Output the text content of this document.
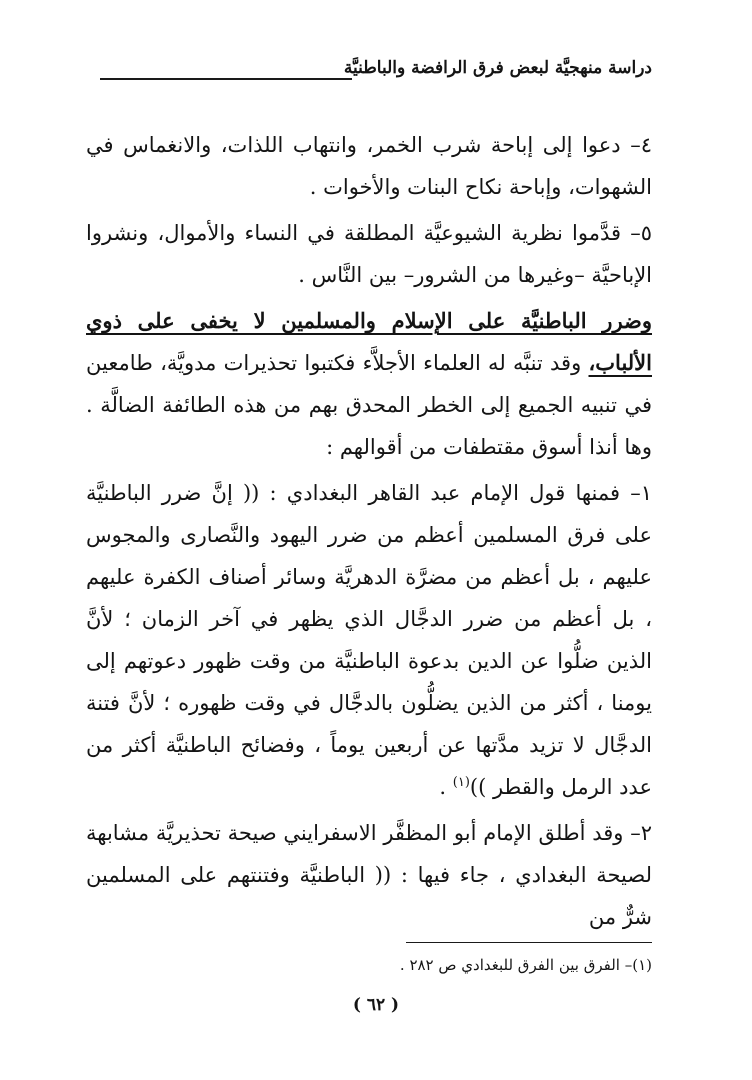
دراسة منهجيَّة لبعض فرق الرافضة والباطنيَّة

٤– دعوا إلى إباحة شرب الخمر، وانتهاب اللذات، والانغماس في الشهوات، وإباحة نكاح البنات والأخوات .

٥– قدَّموا نظرية الشيوعيَّة المطلقة في النساء والأموال، ونشروا الإباحيَّة –وغيرها من الشرور– بين النَّاس .

وضرر الباطنيَّة على الإسلام والمسلمين لا يخفى على ذوي الألباب، وقد تنبَّه له العلماء الأجلاَّء فكتبوا تحذيرات مدويَّة، طامعين في تنبيه الجميع إلى الخطر المحدق بهم من هذه الطائفة الضالَّة . وها أنذا أسوق مقتطفات من أقوالهم :

١– فمنها قول الإمام عبد القاهر البغدادي : (( إنَّ ضرر الباطنيَّة على فرق المسلمين أعظم من ضرر اليهود والنَّصارى والمجوس عليهم ، بل أعظم من مضرَّة الدهريَّة وسائر أصناف الكفرة عليهم ، بل أعظم من ضرر الدجَّال الذي يظهر في آخر الزمان ؛ لأنَّ الذين ضلُّوا عن الدين بدعوة الباطنيَّة من وقت ظهور دعوتهم إلى يومنا ، أكثر من الذين يضلُّون بالدجَّال في وقت ظهوره ؛ لأنَّ فتنة الدجَّال لا تزيد مدَّتها عن أربعين يوماً ، وفضائح الباطنيَّة أكثر من عدد الرمل والقطر ))$^{(١)}$ .

٢– وقد أطلق الإمام أبو المظفَّر الاسفرايني صيحة تحذيريَّة مشابهة لصيحة البغدادي ، جاء فيها : (( الباطنيَّة وفتنتهم على المسلمين شرٌّ من

(١)– الفرق بين الفرق للبغدادي ص ٢٨٢ .
( ٦٢ )
